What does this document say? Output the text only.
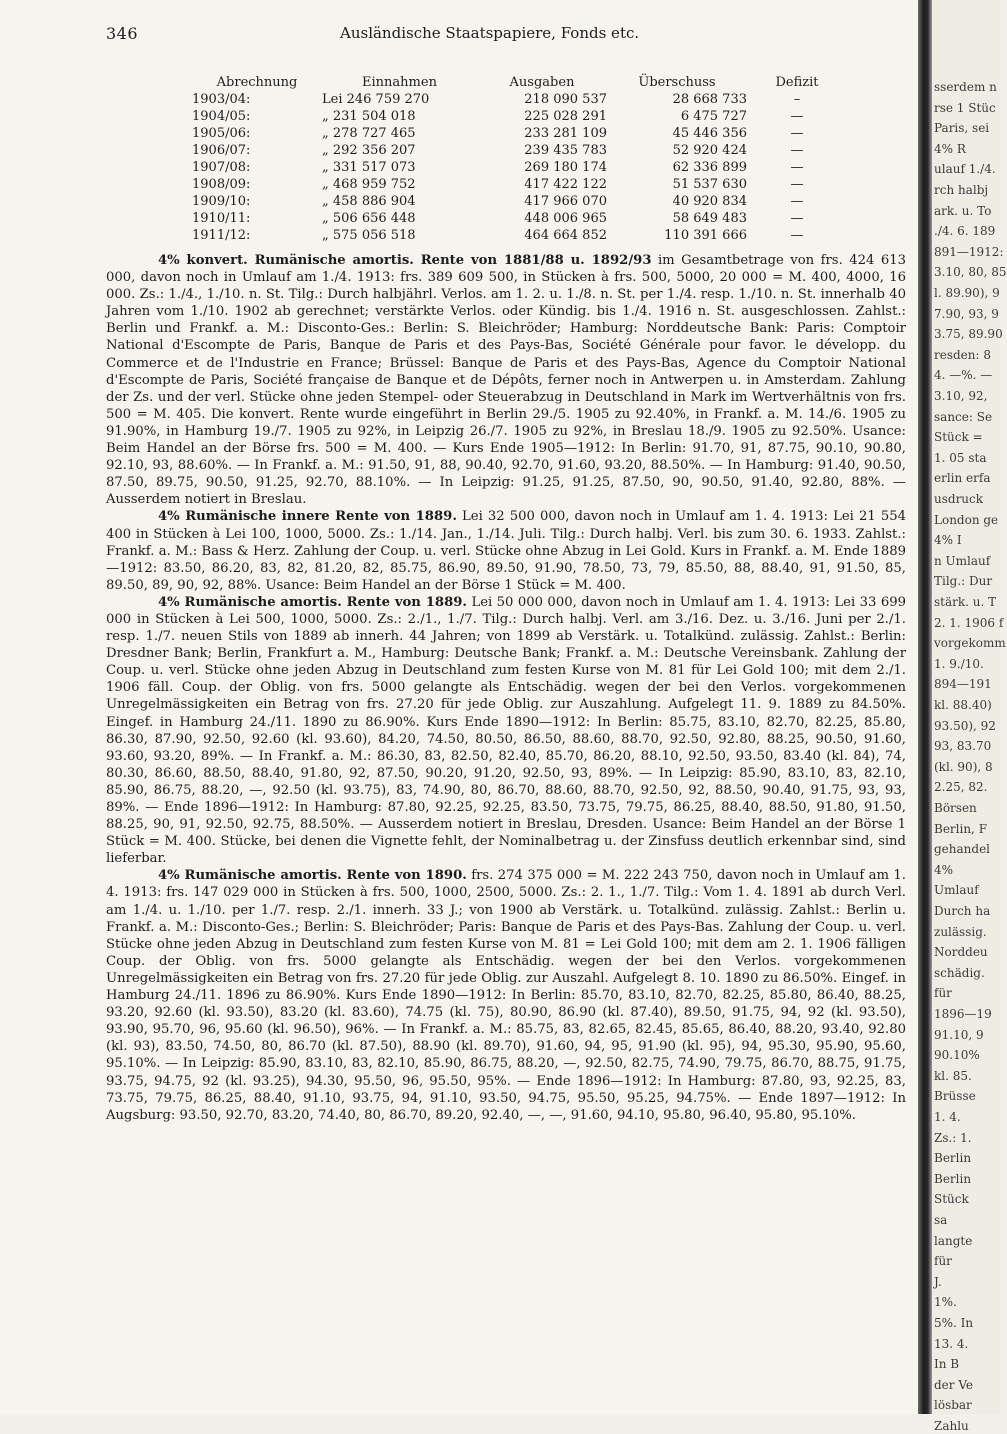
346	Ausländische Staatspapiere, Fonds etc.
Abrechnung	Einnahmen	Ausgaben	Überschuss	Defizit
1903/04:	Lei 246 759 270	218 090 537	28 668 733	–
1904/05:	„ 231 504 018	225 028 291	6 475 727	—
1905/06:	„ 278 727 465	233 281 109	45 446 356	—
1906/07:	„ 292 356 207	239 435 783	52 920 424	—
1907/08:	„ 331 517 073	269 180 174	62 336 899	—
1908/09:	„ 468 959 752	417 422 122	51 537 630	—
1909/10:	„ 458 886 904	417 966 070	40 920 834	—
1910/11:	„ 506 656 448	448 006 965	58 649 483	—
1911/12:	„ 575 056 518	464 664 852	110 391 666	—

4% konvert. Rumänische amortis. Rente von 1881/88 u. 1892/93 im Gesamtbetrage von frs. 424 613 000, davon noch in Umlauf am 1./4. 1913: frs. 389 609 500, in Stücken à frs. 500, 5000, 20 000 = M. 400, 4000, 16 000. Zs.: 1./4., 1./10. n. St. Tilg.: Durch halbjährl. Verlos. am 1. 2. u. 1./8. n. St. per 1./4. resp. 1./10. n. St. innerhalb 40 Jahren vom 1./10. 1902 ab gerechnet; verstärkte Verlos. oder Kündig. bis 1./4. 1916 n. St. ausgeschlossen. Zahlst.: Berlin und Frankf. a. M.: Disconto-Ges.: Berlin: S. Bleichröder; Hamburg: Norddeutsche Bank: Paris: Comptoir National d'Escompte de Paris, Banque de Paris et des Pays-Bas, Société Générale pour favor. le développ. du Commerce et de l'Industrie en France; Brüssel: Banque de Paris et des Pays-Bas, Agence du Comptoir National d'Escompte de Paris, Société française de Banque et de Dépôts, ferner noch in Antwerpen u. in Amsterdam. Zahlung der Zs. und der verl. Stücke ohne jeden Stempel- oder Steuerabzug in Deutschland in Mark im Wertverhältnis von frs. 500 = M. 405. Die konvert. Rente wurde eingeführt in Berlin 29./5. 1905 zu 92.40%, in Frankf. a. M. 14./6. 1905 zu 91.90%, in Hamburg 19./7. 1905 zu 92%, in Leipzig 26./7. 1905 zu 92%, in Breslau 18./9. 1905 zu 92.50%. Usance: Beim Handel an der Börse frs. 500 = M. 400. — Kurs Ende 1905—1912: In Berlin: 91.70, 91, 87.75, 90.10, 90.80, 92.10, 93, 88.60%. — In Frankf. a. M.: 91.50, 91, 88, 90.40, 92.70, 91.60, 93.20, 88.50%. — In Hamburg: 91.40, 90.50, 87.50, 89.75, 90.50, 91.25, 92.70, 88.10%. — In Leipzig: 91.25, 91.25, 87.50, 90, 90.50, 91.40, 92.80, 88%. — Ausserdem notiert in Breslau.

4% Rumänische innere Rente von 1889. Lei 32 500 000, davon noch in Umlauf am 1. 4. 1913: Lei 21 554 400 in Stücken à Lei 100, 1000, 5000. Zs.: 1./14. Jan., 1./14. Juli. Tilg.: Durch halbj. Verl. bis zum 30. 6. 1933. Zahlst.: Frankf. a. M.: Bass & Herz. Zahlung der Coup. u. verl. Stücke ohne Abzug in Lei Gold. Kurs in Frankf. a. M. Ende 1889—1912: 83.50, 86.20, 83, 82, 81.20, 82, 85.75, 86.90, 89.50, 91.90, 78.50, 73, 79, 85.50, 88, 88.40, 91, 91.50, 85, 89.50, 89, 90, 92, 88%. Usance: Beim Handel an der Börse 1 Stück = M. 400.

4% Rumänische amortis. Rente von 1889. Lei 50 000 000, davon noch in Umlauf am 1. 4. 1913: Lei 33 699 000 in Stücken à Lei 500, 1000, 5000. Zs.: 2./1., 1./7. Tilg.: Durch halbj. Verl. am 3./16. Dez. u. 3./16. Juni per 2./1. resp. 1./7. neuen Stils von 1889 ab innerh. 44 Jahren; von 1899 ab Verstärk. u. Totalkünd. zulässig. Zahlst.: Berlin: Dresdner Bank; Berlin, Frankfurt a. M., Hamburg: Deutsche Bank; Frankf. a. M.: Deutsche Vereinsbank. Zahlung der Coup. u. verl. Stücke ohne jeden Abzug in Deutschland zum festen Kurse von M. 81 für Lei Gold 100; mit dem 2./1. 1906 fäll. Coup. der Oblig. von frs. 5000 gelangte als Entschädig. wegen der bei den Verlos. vorgekommenen Unregelmässigkeiten ein Betrag von frs. 27.20 für jede Oblig. zur Auszahlung. Aufgelegt 11. 9. 1889 zu 84.50%. Eingef. in Hamburg 24./11. 1890 zu 86.90%. Kurs Ende 1890—1912: In Berlin: 85.75, 83.10, 82.70, 82.25, 85.80, 86.30, 87.90, 92.50, 92.60 (kl. 93.60), 84.20, 74.50, 80.50, 86.50, 88.60, 88.70, 92.50, 92.80, 88.25, 90.50, 91.60, 93.60, 93.20, 89%. — In Frankf. a. M.: 86.30, 83, 82.50, 82.40, 85.70, 86.20, 88.10, 92.50, 93.50, 83.40 (kl. 84), 74, 80.30, 86.60, 88.50, 88.40, 91.80, 92, 87.50, 90.20, 91.20, 92.50, 93, 89%. — In Leipzig: 85.90, 83.10, 83, 82.10, 85.90, 86.75, 88.20, —, 92.50 (kl. 93.75), 83, 74.90, 80, 86.70, 88.60, 88.70, 92.50, 92, 88.50, 90.40, 91.75, 93, 93, 89%. — Ende 1896—1912: In Hamburg: 87.80, 92.25, 92.25, 83.50, 73.75, 79.75, 86.25, 88.40, 88.50, 91.80, 91.50, 88.25, 90, 91, 92.50, 92.75, 88.50%. — Ausserdem notiert in Breslau, Dresden. Usance: Beim Handel an der Börse 1 Stück = M. 400. Stücke, bei denen die Vignette fehlt, der Nominalbetrag u. der Zinsfuss deutlich erkennbar sind, sind lieferbar.

4% Rumänische amortis. Rente von 1890. frs. 274 375 000 = M. 222 243 750, davon noch in Umlauf am 1. 4. 1913: frs. 147 029 000 in Stücken à frs. 500, 1000, 2500, 5000. Zs.: 2. 1., 1./7. Tilg.: Vom 1. 4. 1891 ab durch Verl. am 1./4. u. 1./10. per 1./7. resp. 2./1. innerh. 33 J.; von 1900 ab Verstärk. u. Totalkünd. zulässig. Zahlst.: Berlin u. Frankf. a. M.: Disconto-Ges.; Berlin: S. Bleichröder; Paris: Banque de Paris et des Pays-Bas. Zahlung der Coup. u. verl. Stücke ohne jeden Abzug in Deutschland zum festen Kurse von M. 81 = Lei Gold 100; mit dem am 2. 1. 1906 fälligen Coup. der Oblig. von frs. 5000 gelangte als Entschädig. wegen der bei den Verlos. vorgekommenen Unregelmässigkeiten ein Betrag von frs. 27.20 für jede Oblig. zur Auszahl. Aufgelegt 8. 10. 1890 zu 86.50%. Eingef. in Hamburg 24./11. 1896 zu 86.90%. Kurs Ende 1890—1912: In Berlin: 85.70, 83.10, 82.70, 82.25, 85.80, 86.40, 88.25, 93.20, 92.60 (kl. 93.50), 83.20 (kl. 83.60), 74.75 (kl. 75), 80.90, 86.90 (kl. 87.40), 89.50, 91.75, 94, 92 (kl. 93.50), 93.90, 95.70, 96, 95.60 (kl. 96.50), 96%. — In Frankf. a. M.: 85.75, 83, 82.65, 82.45, 85.65, 86.40, 88.20, 93.40, 92.80 (kl. 93), 83.50, 74.50, 80, 86.70 (kl. 87.50), 88.90 (kl. 89.70), 91.60, 94, 95, 91.90 (kl. 95), 94, 95.30, 95.90, 95.60, 95.10%. — In Leipzig: 85.90, 83.10, 83, 82.10, 85.90, 86.75, 88.20, —, 92.50, 82.75, 74.90, 79.75, 86.70, 88.75, 91.75, 93.75, 94.75, 92 (kl. 93.25), 94.30, 95.50, 96, 95.50, 95%. — Ende 1896—1912: In Hamburg: 87.80, 93, 92.25, 83, 73.75, 79.75, 86.25, 88.40, 91.10, 93.75, 94, 91.10, 93.50, 94.75, 95.50, 95.25, 94.75%. — Ende 1897—1912: In Augsburg: 93.50, 92.70, 83.20, 74.40, 80, 86.70, 89.20, 92.40, —, —, 91.60, 94.10, 95.80, 96.40, 95.80, 95.10%.

sserdem n
rse 1 Stüc
Paris, sei
4% R
ulauf 1./4.
rch halbj
ark. u. To
./4. 6. 189
891—1912:
3.10, 80, 85
l. 89.90), 9
7.90, 93, 9
3.75, 89.90
resden: 8
4. —%. —
3.10, 92,
sance: Se
Stück =
1. 05 sta
erlin erfa
usdruck
London ge
4% I
n Umlauf
Tilg.: Dur
stärk. u. T
2. 1. 1906 f
vorgekomm
1. 9./10.
894—191
kl. 88.40)
93.50), 92
93, 83.70
(kl. 90), 8
2.25, 82.
Börsen
Berlin, F
gehandel
4%
Umlauf
Durch ha
zulässig.
Norddeu
schädig.
für
1896—19
91.10, 9
90.10%
kl. 85.
Brüsse
1. 4.
Zs.: 1.
Berlin
Berlin
Stück
sa
langte
für
J.
1%.
5%. In
13. 4.
In B
der Ve
lösbar
Zahlu
